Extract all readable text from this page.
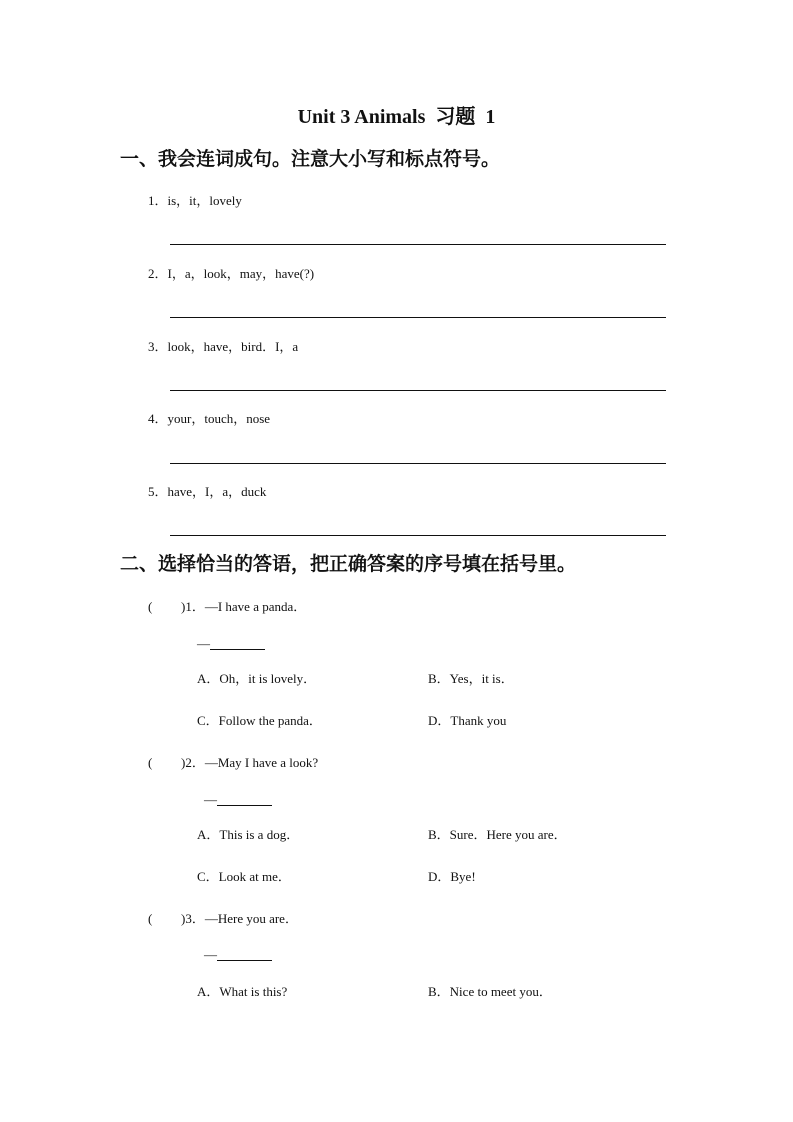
Unit 3 Animals  习题  1
一、我会连词成句。注意大小写和标点符号。
1．is，it，lovely
2．I，a，look，may，have(?)
3．look，have，bird．I，a
4．your，touch，nose
5．have，I，a，duck
二、选择恰当的答语，把正确答案的序号填在括号里。
( )1．—I have a panda．
—
A．Oh，it is lovely．	B．Yes，it is．
C．Follow the panda．	D．Thank you
( )2．—May I have a look?
—
A．This is a dog．	B．Sure．Here you are．
C．Look at me．	D．Bye!
( )3．—Here you are．
—
A．What is this?	B．Nice to meet you．
